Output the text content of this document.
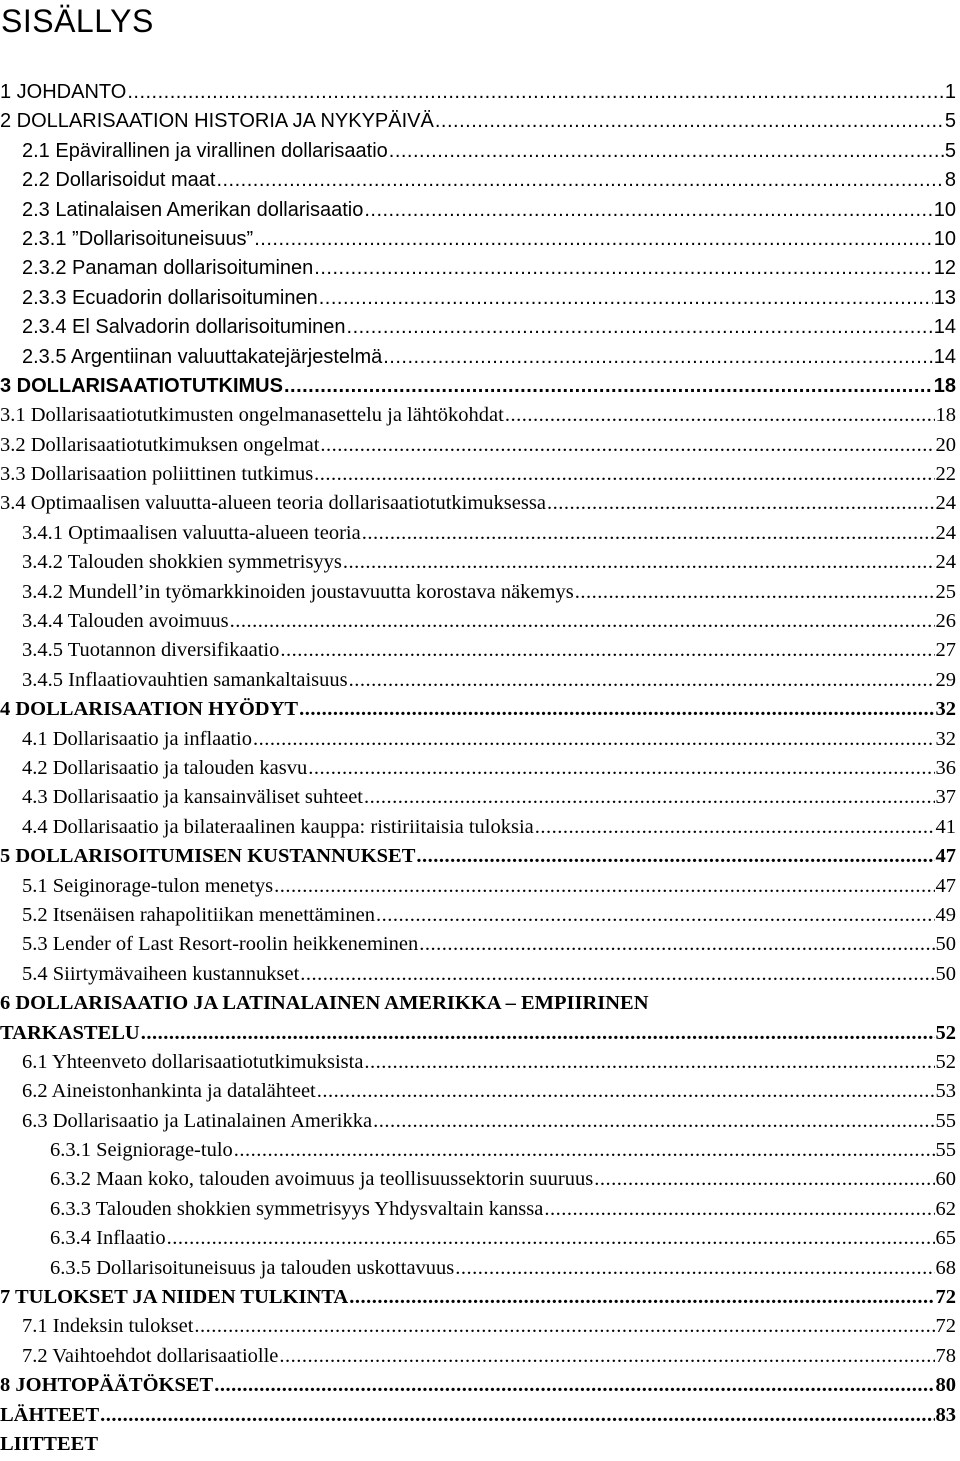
SISÄLLYS
1 JOHDANTO .....	1
2 DOLLARISAATION HISTORIA JA NYKYPÄIVÄ .....	5
2.1 Epävirallinen ja virallinen dollarisaatio .....	5
2.2 Dollarisoidut maat .....	8
2.3 Latinalaisen Amerikan dollarisaatio .....	10
2.3.1 ”Dollarisoituneisuus” .....	10
2.3.2 Panaman dollarisoituminen .....	12
2.3.3 Ecuadorin dollarisoituminen .....	13
2.3.4 El Salvadorin dollarisoituminen .....	14
2.3.5 Argentiinan valuuttakatejärjestelmä .....	14
3 DOLLARISAATIOTUTKIMUS .....	18
3.1 Dollarisaatiotutkimusten ongelmanasettelu ja lähtökohdat .....	18
3.2 Dollarisaatiotutkimuksen ongelmat .....	20
3.3 Dollarisaation poliittinen tutkimus .....	22
3.4 Optimaalisen valuutta-alueen teoria dollarisaatiotutkimuksessa .....	24
3.4.1 Optimaalisen valuutta-alueen teoria .....	24
3.4.2 Talouden shokkien symmetrisyys .....	24
3.4.2 Mundell’in työmarkkinoiden joustavuutta korostava näkemys .....	25
3.4.4 Talouden avoimuus .....	26
3.4.5 Tuotannon diversifikaatio .....	27
3.4.5 Inflaatiovauhtien samankaltaisuus .....	29
4 DOLLARISAATION HYÖDYT .....	32
4.1 Dollarisaatio ja inflaatio .....	32
4.2 Dollarisaatio ja talouden kasvu .....	36
4.3 Dollarisaatio ja kansainväliset suhteet .....	37
4.4 Dollarisaatio ja bilateraalinen kauppa: ristiriitaisia tuloksia .....	41
5 DOLLARISOITUMISEN KUSTANNUKSET .....	47
5.1 Seiginorage-tulon menetys .....	47
5.2 Itsenäisen rahapolitiikan menettäminen .....	49
5.3 Lender of Last Resort-roolin heikkeneminen .....	50
5.4 Siirtymävaiheen kustannukset .....	50
6 DOLLARISAATIO JA LATINALAINEN AMERIKKA – EMPIIRINEN
TARKASTELU .....	52
6.1 Yhteenveto dollarisaatiotutkimuksista .....	52
6.2 Aineistonhankinta ja datalähteet .....	53
6.3 Dollarisaatio ja Latinalainen Amerikka .....	55
6.3.1 Seigniorage-tulo .....	55
6.3.2 Maan koko, talouden avoimuus ja teollisuussektorin suuruus .....	60
6.3.3 Talouden shokkien symmetrisyys Yhdysvaltain kanssa .....	62
6.3.4 Inflaatio .....	65
6.3.5 Dollarisoituneisuus ja talouden uskottavuus .....	68
7 TULOKSET JA NIIDEN TULKINTA .....	72
7.1 Indeksin tulokset .....	72
7.2 Vaihtoehdot dollarisaatiolle .....	78
8 JOHTOPÄÄTÖKSET .....	80
LÄHTEET .....	83
LIITTEET
